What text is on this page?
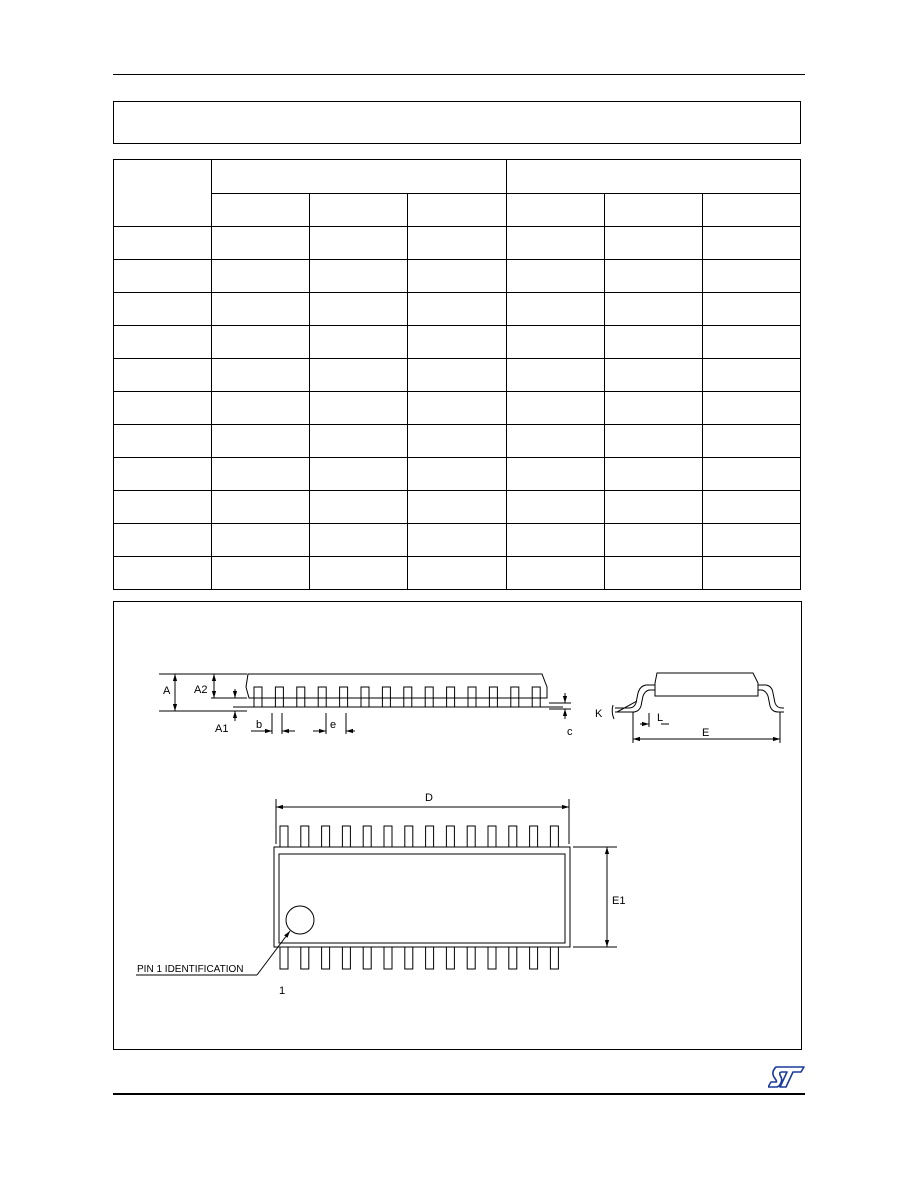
A A2
A1	b	e
c
K	L
E
D
E1
PIN 1 IDENTIFICATION
1
